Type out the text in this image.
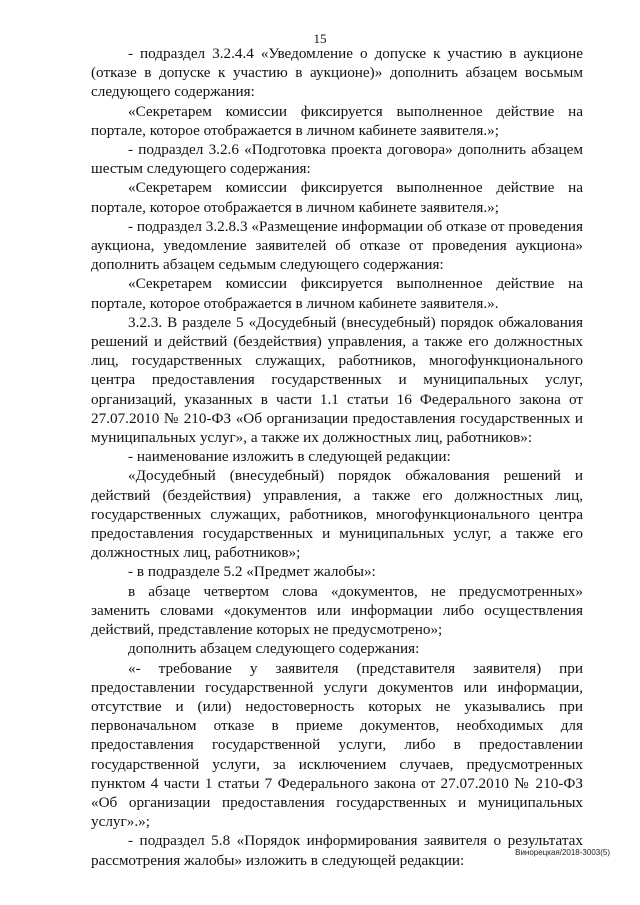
15

- подраздел 3.2.4.4 «Уведомление о допуске к участию в аукционе (отказе в допуске к участию в аукционе)» дополнить абзацем восьмым следующего содержания:

«Секретарем комиссии фиксируется выполненное действие на портале, которое отображается в личном кабинете заявителя.»;

- подраздел 3.2.6 «Подготовка проекта договора» дополнить абзацем шестым следующего содержания:

«Секретарем комиссии фиксируется выполненное действие на портале, которое отображается в личном кабинете заявителя.»;

- подраздел 3.2.8.3 «Размещение информации об отказе от проведения аукциона, уведомление заявителей об отказе от проведения аукциона» дополнить абзацем седьмым следующего содержания:

«Секретарем комиссии фиксируется выполненное действие на портале, которое отображается в личном кабинете заявителя.».

3.2.3. В разделе 5 «Досудебный (внесудебный) порядок обжалования решений и действий (бездействия) управления, а также его должностных лиц, государственных служащих, работников, многофункционального центра предоставления государственных и муниципальных услуг, организаций, указанных в части 1.1 статьи 16 Федерального закона от 27.07.2010 № 210-ФЗ «Об организации предоставления государственных и муниципальных услуг», а также их должностных лиц, работников»:

- наименование изложить в следующей редакции:

«Досудебный (внесудебный) порядок обжалования решений и действий (бездействия) управления, а также его должностных лиц, государственных служащих, работников, многофункционального центра предоставления государственных и муниципальных услуг, а также его должностных лиц, работников»;

- в подразделе 5.2 «Предмет жалобы»:

в абзаце четвертом слова «документов, не предусмотренных» заменить словами «документов или информации либо осуществления действий, представление которых не предусмотрено»;

дополнить абзацем следующего содержания:

«- требование у заявителя (представителя заявителя) при предоставлении государственной услуги документов или информации, отсутствие и (или) недостоверность которых не указывались при первоначальном отказе в приеме документов, необходимых для предоставления государственной услуги, либо в предоставлении государственной услуги, за исключением случаев, предусмотренных пунктом 4 части 1 статьи 7 Федерального закона от 27.07.2010 № 210-ФЗ «Об организации предоставления государственных и муниципальных услуг».»;

- подраздел 5.8 «Порядок информирования заявителя о результатах рассмотрения жалобы» изложить в следующей редакции:	Винорецкая/2018-3003(5)
